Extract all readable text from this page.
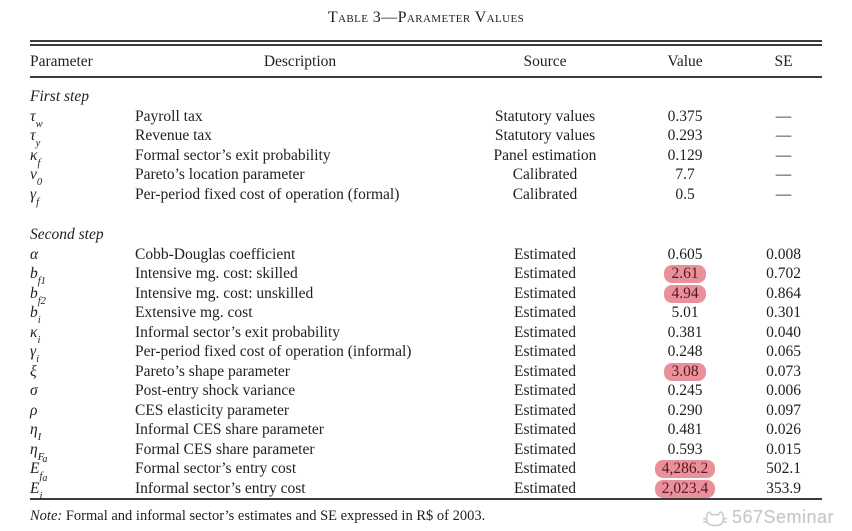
Table 3—Parameter Values
Parameter	Description	Source	Value	SE
First step				
$\tau_w$	Payroll tax	Statutory values	0.375	—
$\tau_y$	Revenue tax	Statutory values	0.293	—
$\kappa_f$	Formal sector’s exit probability	Panel estimation	0.129	—
$\nu_0$	Pareto’s location parameter	Calibrated	7.7	—
$\gamma_f$	Per-period fixed cost of operation (formal)	Calibrated	0.5	—
Second step				
α	Cobb-Douglas coefficient	Estimated	0.605	0.008
$b_{f1}$	Intensive mg. cost: skilled	Estimated	2.61	0.702
$b_{f2}$	Intensive mg. cost: unskilled	Estimated	4.94	0.864
$b_i$	Extensive mg. cost	Estimated	5.01	0.301
$\kappa_i$	Informal sector’s exit probability	Estimated	0.381	0.040
$\gamma_i$	Per-period fixed cost of operation (informal)	Estimated	0.248	0.065
ξ	Pareto’s shape parameter	Estimated	3.08	0.073
σ	Post-entry shock variance	Estimated	0.245	0.006
ρ	CES elasticity parameter	Estimated	0.290	0.097
$\eta_I$	Informal CES share parameter	Estimated	0.481	0.026
$\eta_F$	Formal CES share parameter	Estimated	0.593	0.015
$E_f^a$	Formal sector’s entry cost	Estimated	4,286.2	502.1
$E_i^a$	Informal sector’s entry cost	Estimated	2,023.4	353.9
Note: Formal and informal sector’s estimates and SE expressed in R$ of 2003.	567Seminar
